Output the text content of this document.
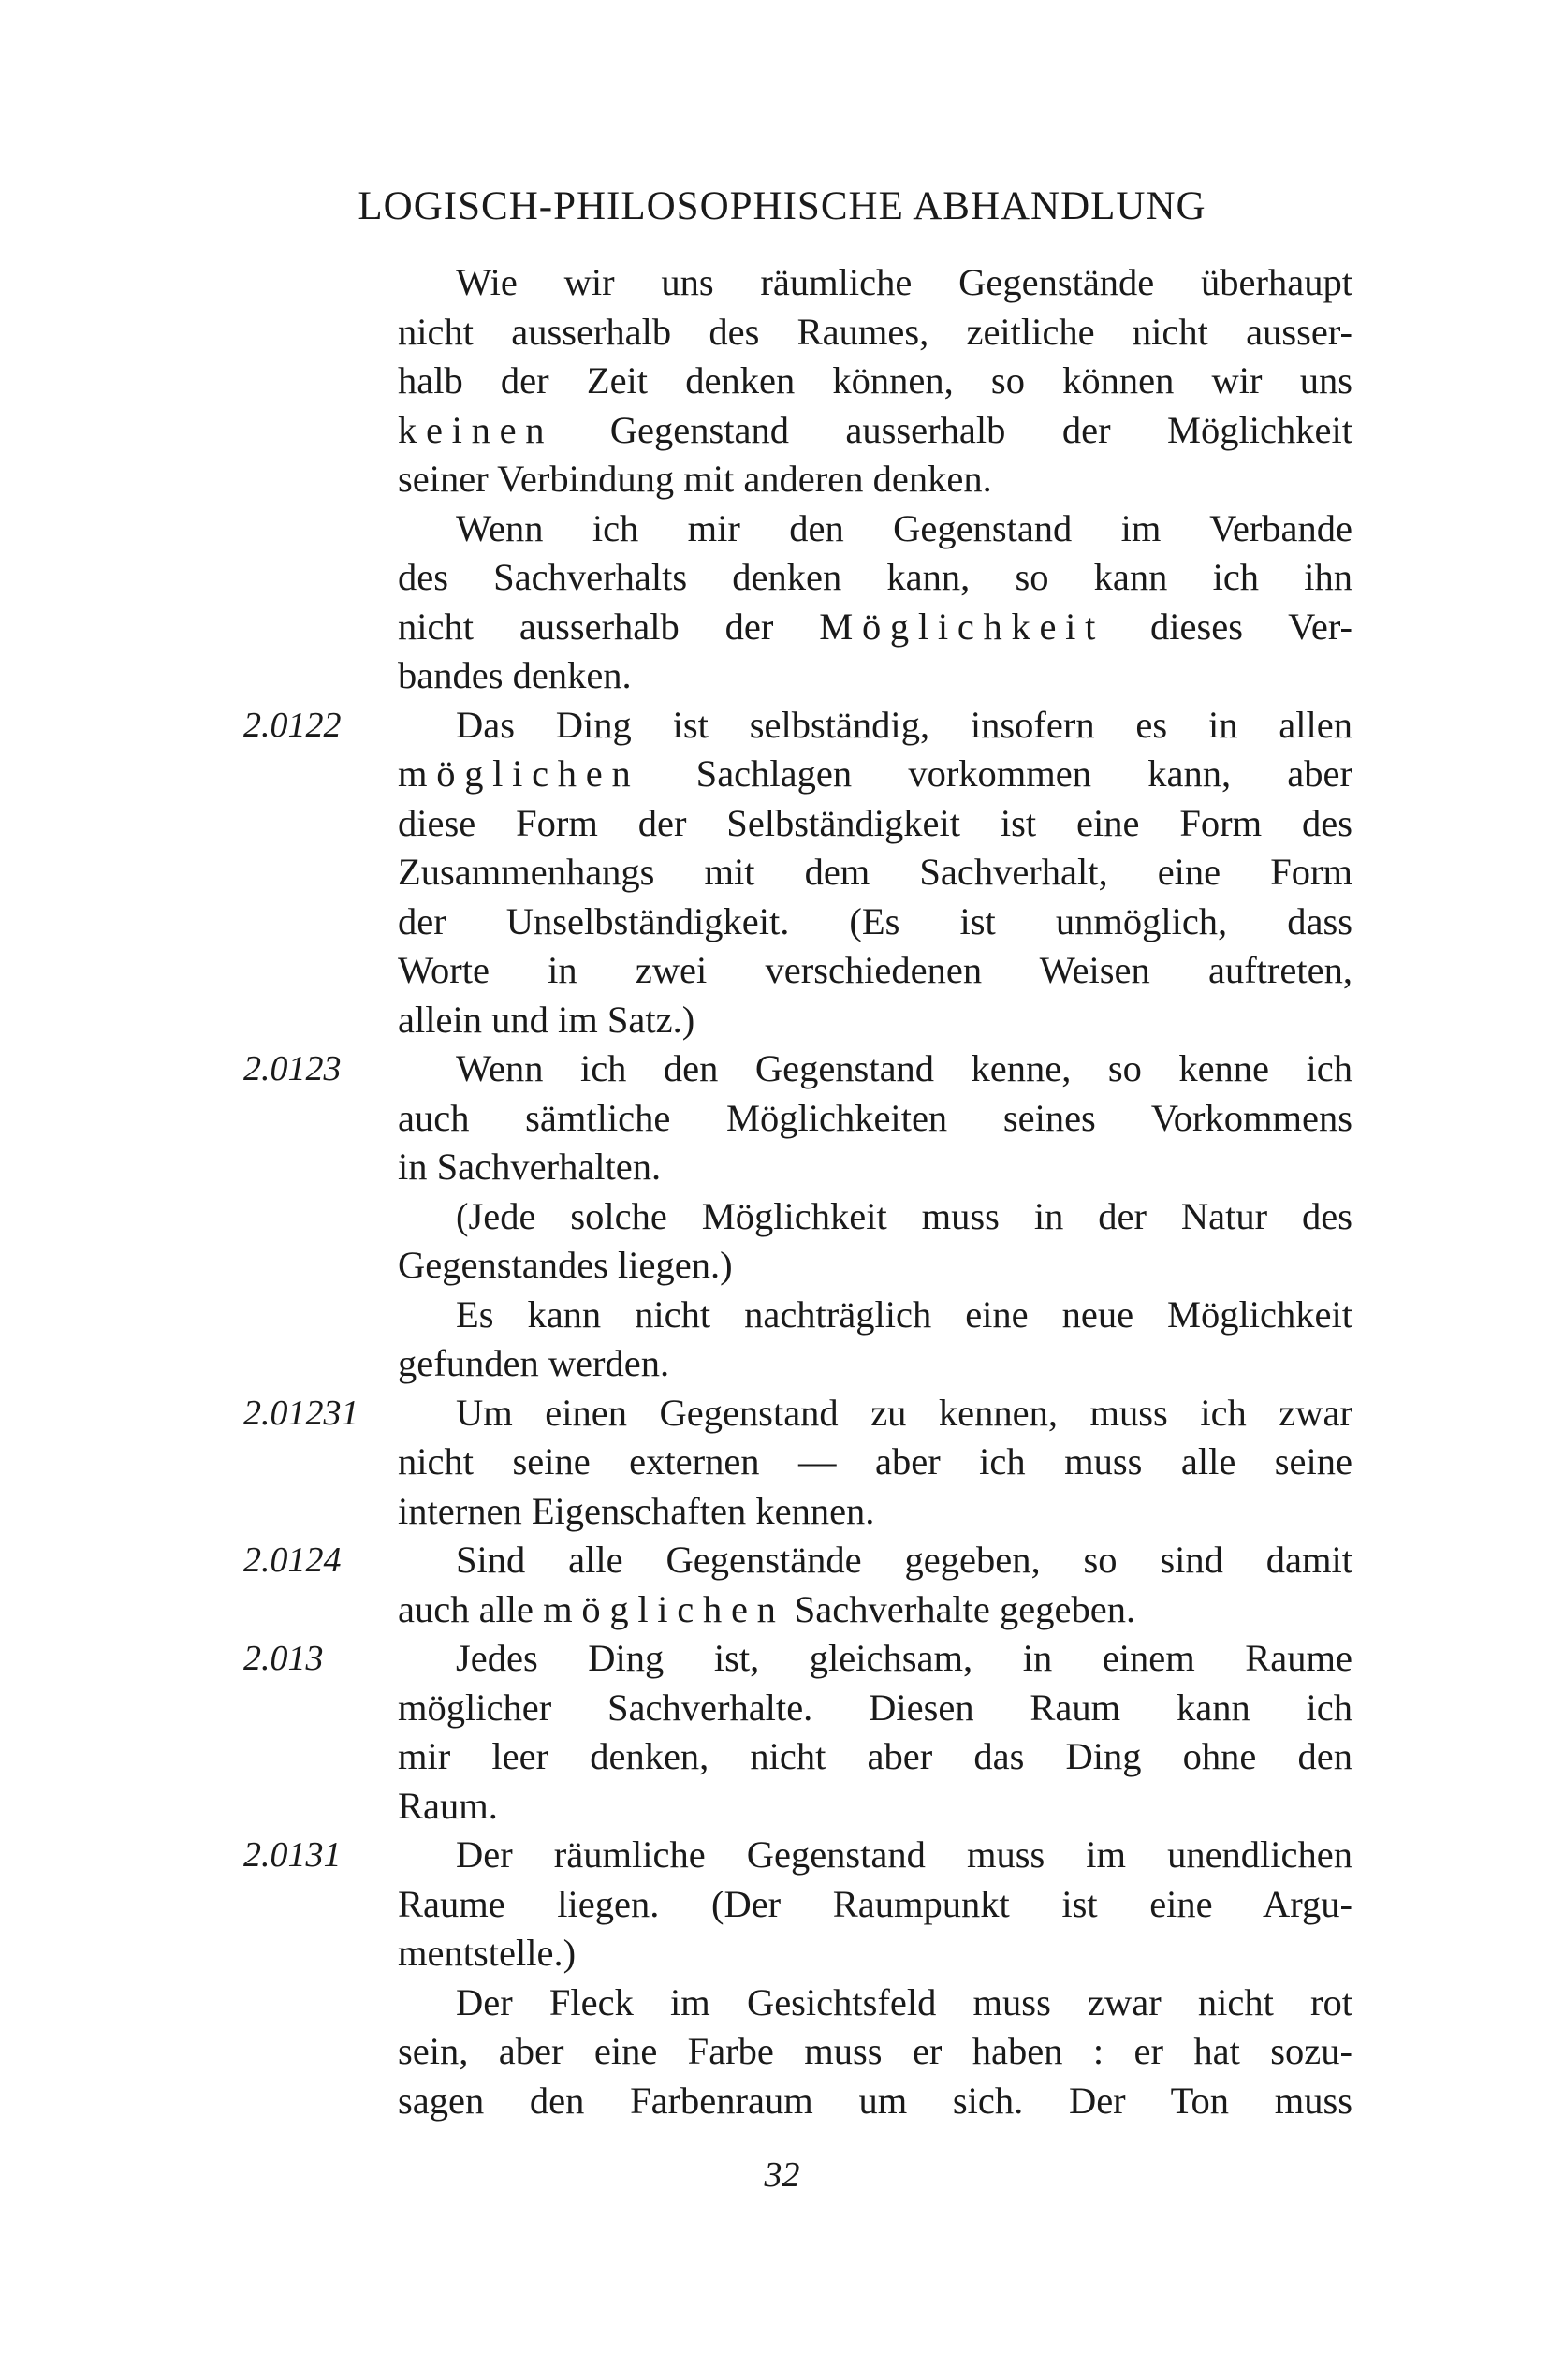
LOGISCH-PHILOSOPHISCHE ABHANDLUNG
Wie wir uns räumliche Gegenstände überhaupt
nicht ausserhalb des Raumes, zeitliche nicht ausser-
halb der Zeit denken können, so können wir uns
keinen Gegenstand ausserhalb der Möglichkeit
seiner Verbindung mit anderen denken.
Wenn ich mir den Gegenstand im Verbande
des Sachverhalts denken kann, so kann ich ihn
nicht ausserhalb der Möglichkeit dieses Ver-
bandes denken.
2.0122	Das Ding ist selbständig, insofern es in allen
möglichen Sachlagen vorkommen kann, aber
diese Form der Selbständigkeit ist eine Form des
Zusammenhangs mit dem Sachverhalt, eine Form
der Unselbständigkeit. (Es ist unmöglich, dass
Worte in zwei verschiedenen Weisen auftreten,
allein und im Satz.)
2.0123	Wenn ich den Gegenstand kenne, so kenne ich
auch sämtliche Möglichkeiten seines Vorkommens
in Sachverhalten.
(Jede solche Möglichkeit muss in der Natur des
Gegenstandes liegen.)
Es kann nicht nachträglich eine neue Möglichkeit
gefunden werden.
2.01231	Um einen Gegenstand zu kennen, muss ich zwar
nicht seine externen — aber ich muss alle seine
internen Eigenschaften kennen.
2.0124	Sind alle Gegenstände gegeben, so sind damit
auch alle möglichen Sachverhalte gegeben.
2.013	Jedes Ding ist, gleichsam, in einem Raume
möglicher Sachverhalte. Diesen Raum kann ich
mir leer denken, nicht aber das Ding ohne den
Raum.
2.0131	Der räumliche Gegenstand muss im unendlichen
Raume liegen. (Der Raumpunkt ist eine Argu-
mentstelle.)
Der Fleck im Gesichtsfeld muss zwar nicht rot
sein, aber eine Farbe muss er haben : er hat sozu-
sagen den Farbenraum um sich. Der Ton muss
32
